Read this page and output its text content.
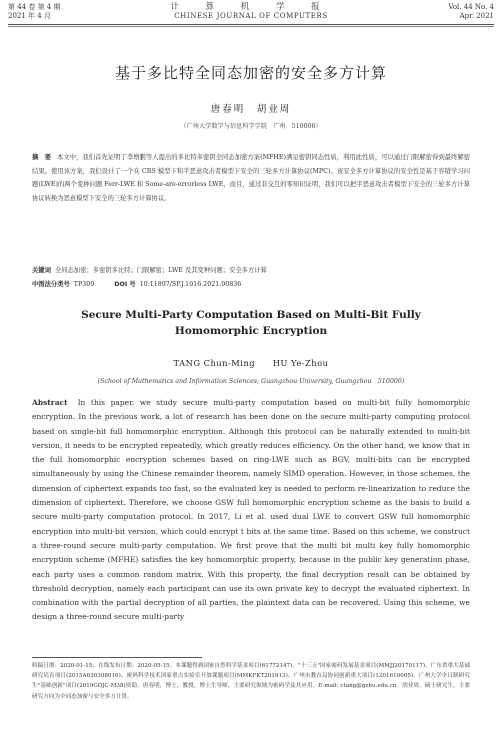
第 44 卷 第 4 期
2021 年 4 月
计 算 机 学 报
CHINESE JOURNAL OF COMPUTERS
Vol. 44 No. 4
Apr. 2021
基于多比特全同态加密的安全多方计算
唐春明　胡业周
（广州大学数学与信息科学学院　广州　510006）
摘　要 本文中，我们首先证明了李增鹏等人提出的多比特多密钥全同态加密方案(MFHE)满足密钥同态性质，利用此性质，可以通过门限解密得到最终解密结果。使用该方案，我们设计了一个在 CRS 模型下和半恶意攻击者模型下安全的三轮多方计算协议(MPC)。该安全多方计算协议的安全性是基于容错学习问题(LWE)的两个变种问题 Ferr-LWE 和 Some-are-errorless LWE，而且，通过非交互的零知识证明，我们可以把半恶意攻击者模型下安全的三轮多方计算协议转换为恶意模型下安全的三轮多方计算协议。
关键词 全同态加密；多密钥多比特；门限解密；LWE 及其变种问题；安全多方计算
中图法分类号 TP309	DOI 号 10.11897/SP.J.1016.2021.00836
Secure Multi-Party Computation Based on Multi-Bit Fully Homomorphic Encryption
TANG Chun-Ming　　HU Ye-Zhou
(School of Mathematics and Information Sciences, Guangzhou University, Guangzhou　510006)
Abstract In this paper, we study secure multi-party computation based on multi-bit fully homomorphic encryption. In the previous work, a lot of research has been done on the secure multi-party computing protocol based on single-bit full homomorphic encryption. Although this protocol can be naturally extended to multi-bit version, it needs to be encrypted repeatedly, which greatly reduces efficiency. On the other hand, we know that in the full homomorphic encryption schemes based on ring-LWE such as BGV, multi-bits can be encrypted simultaneously by using the Chinese remainder theorem, namely SIMD operation. However, in those schemes, the dimension of ciphertext expands too fast, so the evaluated key is needed to perform re-linearization to reduce the dimension of ciphertext. Therefore, we choose GSW full homomorphic encryption scheme as the basis to build a secure multi-party computation protocol. In 2017, Li et al. used dual LWE to convert GSW full homomorphic encryption into multi-bit version, which could encrypt t bits at the same time. Based on this scheme, we construct a three-round secure multi-party computation. We first prove that the multi bit multi key fully homomorphic encryption scheme (MFHE) satisfies the key homomorphic property, because in the public key generation phase, each party uses a common random matrix. With this property, the final decryption result can be obtained by threshold decryption, namely each participant can use its own private key to decrypt the evaluated ciphertext. In combination with the partial decryption of all parties, the plaintext data can be recovered. Using this scheme, we design a three-round secure multi-party
收稿日期：2020-01-15；在线发布日期：2020-05-15。本课题得到国家自然科学基金项目(61772147)、"十三五"国家密码发展基金项目(MMJJ20170117)、广东省重大基础研究培育项目(2015A030308016)、密码科学技术国家重点实验室开放课题项目(MMKFKT201913)、广州市教育局协同创新重大项目(1201610005)、广州大学全日制研究生"基础创新"项目(2019GDJC-M38)资助。唐春明，博士，教授，博士生导师，主要研究领域为密码学及其应用。E-mail: ctang@gzhu.edu.cn。胡业周，硕士研究生，主要研究方向为全同态加密与安全多方计算。
